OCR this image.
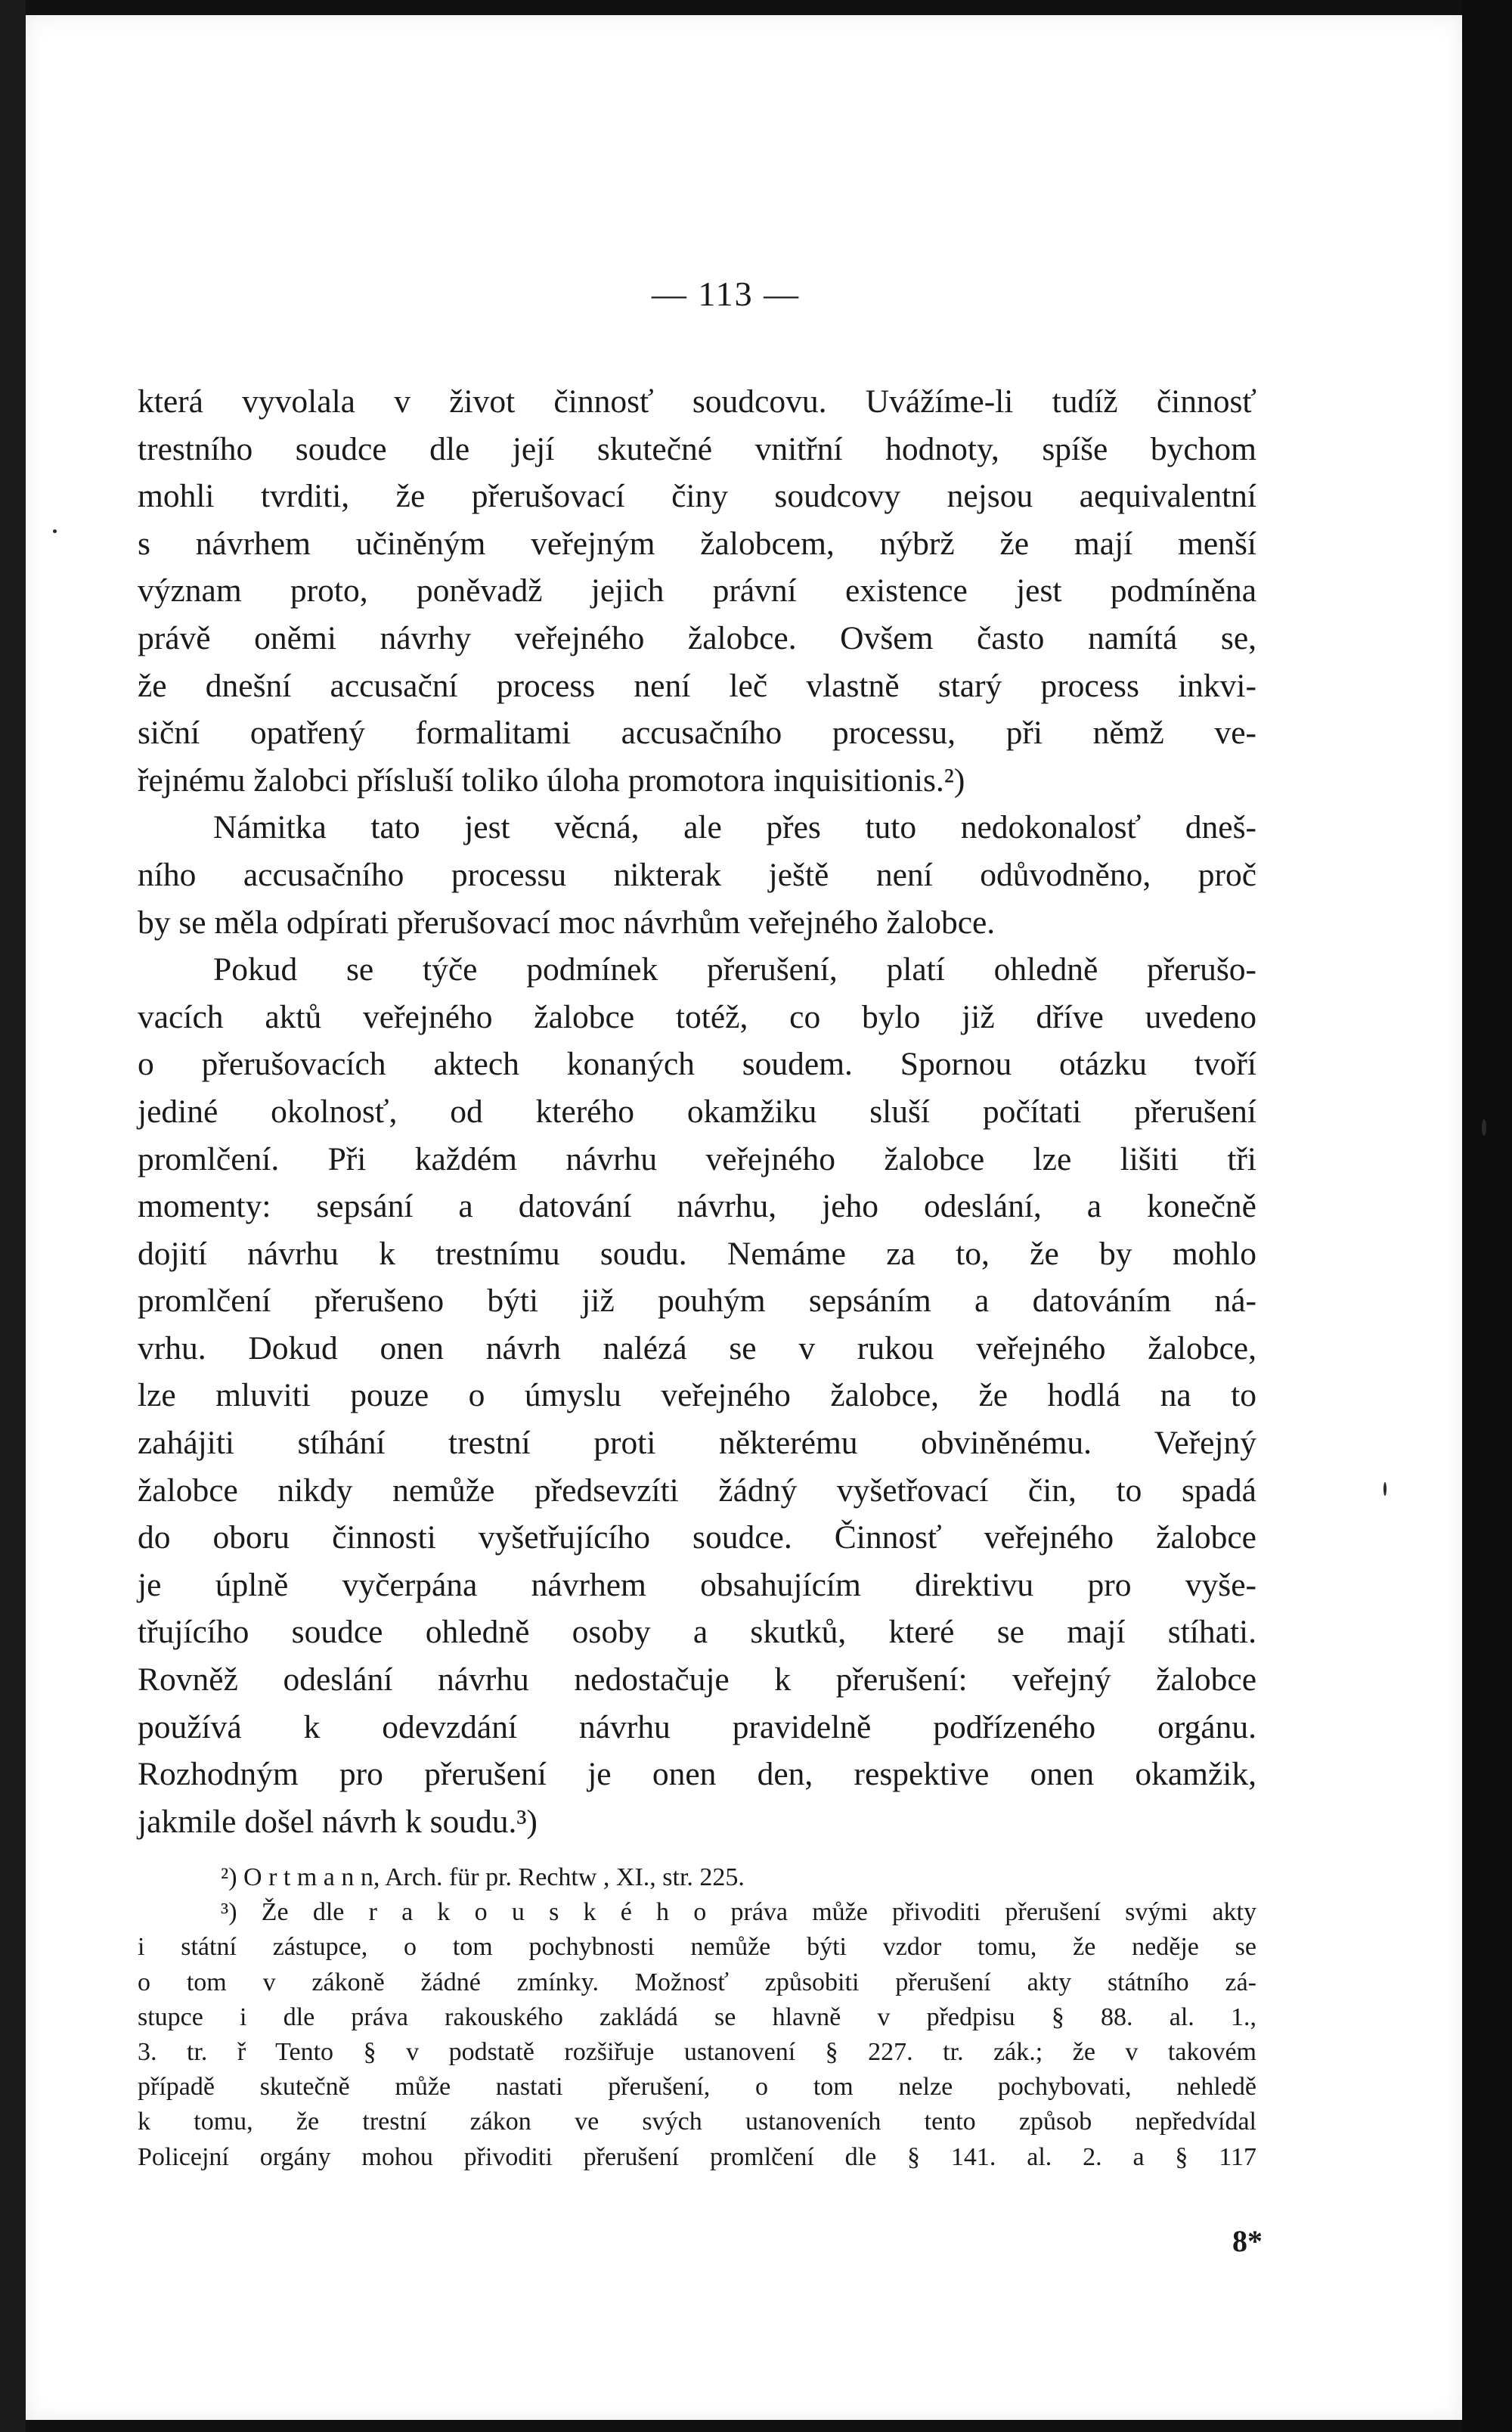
— 113 —
která vyvolala v život činnosť soudcovu. Uvážíme-li tudíž činnosť
trestního soudce dle její skutečné vnitřní hodnoty, spíše bychom
mohli tvrditi, že přerušovací činy soudcovy nejsou aequivalentní
s návrhem učiněným veřejným žalobcem, nýbrž že mají menší
význam proto, poněvadž jejich právní existence jest podmíněna
právě oněmi návrhy veřejného žalobce. Ovšem často namítá se,
že dnešní accusační process není leč vlastně starý process inkvi-
siční opatřený formalitami accusačního processu, při němž ve-
řejnému žalobci přísluší toliko úloha promotora inquisitionis.²)
Námitka tato jest věcná, ale přes tuto nedokonalosť dneš-
ního accusačního processu nikterak ještě není odůvodněno, proč
by se měla odpírati přerušovací moc návrhům veřejného žalobce.
Pokud se týče podmínek přerušení, platí ohledně přerušo-
vacích aktů veřejného žalobce totéž, co bylo již dříve uvedeno
o přerušovacích aktech konaných soudem. Spornou otázku tvoří
jediné okolnosť, od kterého okamžiku sluší počítati přerušení
promlčení. Při každém návrhu veřejného žalobce lze lišiti tři
momenty: sepsání a datování návrhu, jeho odeslání, a konečně
dojití návrhu k trestnímu soudu. Nemáme za to, že by mohlo
promlčení přerušeno býti již pouhým sepsáním a datováním ná-
vrhu. Dokud onen návrh nalézá se v rukou veřejného žalobce,
lze mluviti pouze o úmyslu veřejného žalobce, že hodlá na to
zahájiti stíhání trestní proti některému obviněnému. Veřejný
žalobce nikdy nemůže předsevzíti žádný vyšetřovací čin, to spadá
do oboru činnosti vyšetřujícího soudce. Činnosť veřejného žalobce
je úplně vyčerpána návrhem obsahujícím direktivu pro vyše-
třujícího soudce ohledně osoby a skutků, které se mají stíhati.
Rovněž odeslání návrhu nedostačuje k přerušení: veřejný žalobce
používá k odevzdání návrhu pravidelně podřízeného orgánu.
Rozhodným pro přerušení je onen den, respektive onen okamžik,
jakmile došel návrh k soudu.³)
²) O r t m a n n, Arch. für pr. Rechtw , XI., str. 225.
³) Že dle r a k o u s k é h o práva může přivoditi přerušení svými akty
i státní zástupce, o tom pochybnosti nemůže býti vzdor tomu, že neděje se
o tom v zákoně žádné zmínky. Možnosť způsobiti přerušení akty státního zá-
stupce i dle práva rakouského zakládá se hlavně v předpisu § 88. al. 1.,
3. tr. ř Tento § v podstatě rozšiřuje ustanovení § 227. tr. zák.; že v takovém
případě skutečně může nastati přerušení, o tom nelze pochybovati, nehledě
k tomu, že trestní zákon ve svých ustanoveních tento způsob nepředvídal
Policejní orgány mohou přivoditi přerušení promlčení dle § 141. al. 2. a § 117
8*
